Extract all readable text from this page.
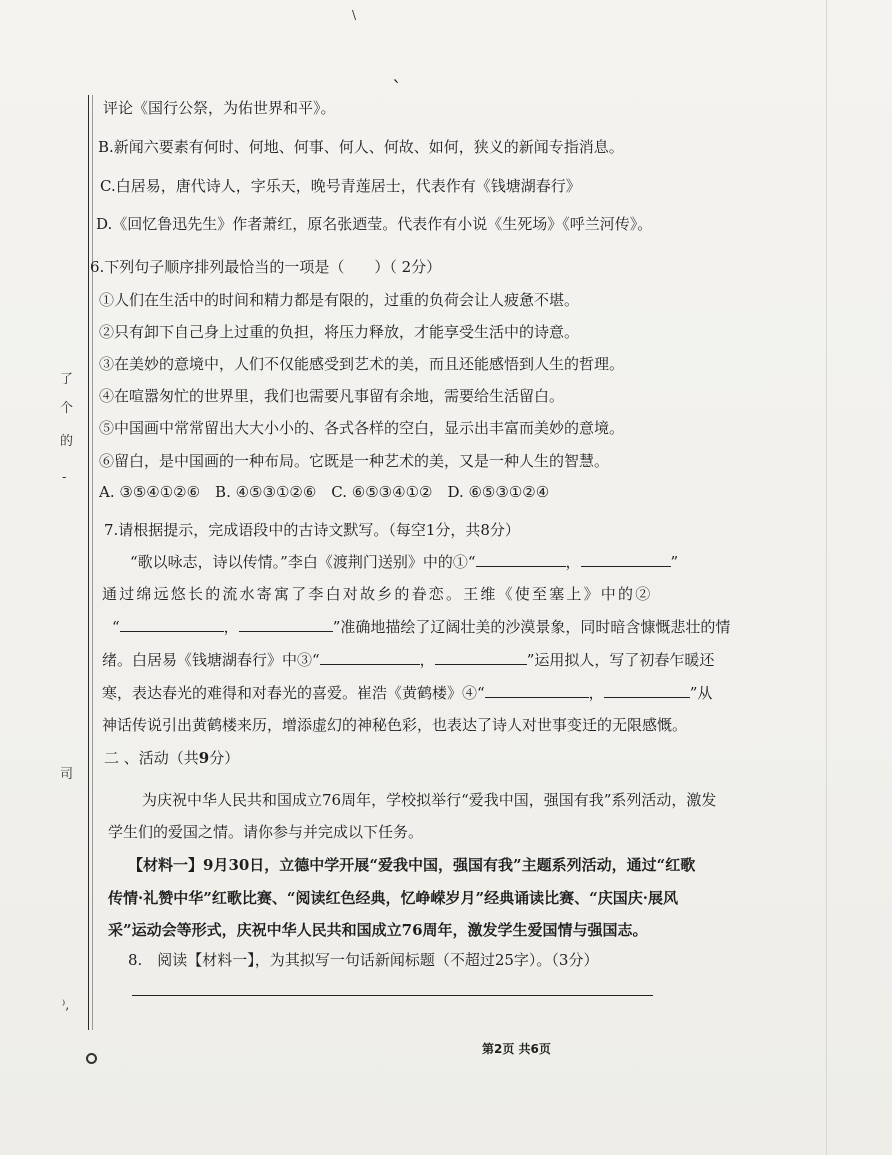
\
`
了
个
的
-
司
⁾,
评论《国行公祭，为佑世界和平》。
B.新闻六要素有何时、何地、何事、何人、何故、如何，狭义的新闻专指消息。
C.白居易，唐代诗人，字乐天，晚号青莲居士，代表作有《钱塘湖春行》
D.《回忆鲁迅先生》作者萧红，原名张迺莹。代表作有小说《生死场》《呼兰河传》。
6.下列句子顺序排列最恰当的一项是（　　）（ 2分）
①人们在生活中的时间和精力都是有限的，过重的负荷会让人疲惫不堪。
②只有卸下自己身上过重的负担，将压力释放，才能享受生活中的诗意。
③在美妙的意境中，人们不仅能感受到艺术的美，而且还能感悟到人生的哲理。
④在喧嚣匆忙的世界里，我们也需要凡事留有余地，需要给生活留白。
⑤中国画中常常留出大大小小的、各式各样的空白，显示出丰富而美妙的意境。
⑥留白，是中国画的一种布局。它既是一种艺术的美，又是一种人生的智慧。
A. ③⑤④①②⑥　B. ④⑤③①②⑥　C. ⑥⑤③④①②　D. ⑥⑤③①②④
7.请根据提示，完成语段中的古诗文默写。（每空1分，共8分）
“歌以咏志，诗以传情。”李白《渡荆门送别》中的①“	，	”
通过绵远悠长的流水寄寓了李白对故乡的眷恋。王维《使至塞上》中的②
“	，	”准确地描绘了辽阔壮美的沙漠景象，同时暗含慷慨悲壮的情
绪。白居易《钱塘湖春行》中③“	，	”运用拟人，写了初春乍暖还
寒，表达春光的难得和对春光的喜爱。崔浩《黄鹤楼》④“	，	”从
神话传说引出黄鹤楼来历，增添虚幻的神秘色彩，也表达了诗人对世事变迁的无限感慨。
二 、活动（共9分）
为庆祝中华人民共和国成立76周年，学校拟举行“爱我中国，强国有我”系列活动，激发
学生们的爱国之情。请你参与并完成以下任务。
【材料一】9月30日，立德中学开展“爱我中国，强国有我”主题系列活动，通过“红歌
传情·礼赞中华”红歌比赛、“阅读红色经典，忆峥嵘岁月”经典诵读比赛、“庆国庆·展风
采”运动会等形式，庆祝中华人民共和国成立76周年，激发学生爱国情与强国志。
8.　阅读【材料一】，为其拟写一句话新闻标题（不超过25字）。（3分）
第2页 共6页
